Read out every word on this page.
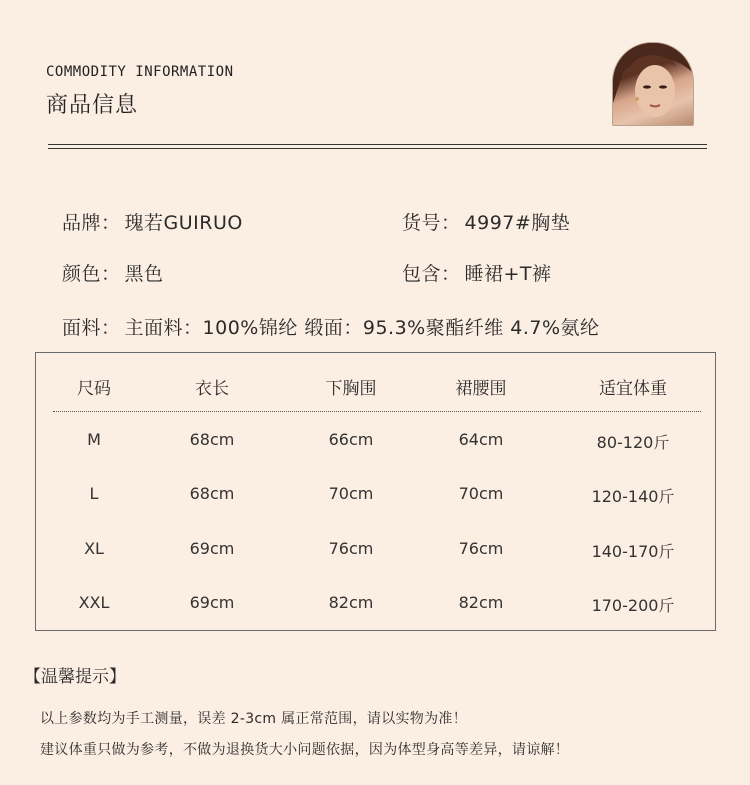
COMMODITY INFORMATION
商品信息
品牌： 瑰若GUIRUO	货号： 4997#胸垫
颜色： 黑色	包含： 睡裙+T裤
面料： 主面料：100%锦纶 缎面：95.3%聚酯纤维 4.7%氨纶
尺码	衣长	下胸围	裙腰围	适宜体重
M	68cm	66cm	64cm	80-120斤
L	68cm	70cm	70cm	120-140斤
XL	69cm	76cm	76cm	140-170斤
XXL	69cm	82cm	82cm	170-200斤
【温馨提示】
以上参数均为手工测量，误差 2-3cm 属正常范围，请以实物为准！
建议体重只做为参考，不做为退换货大小问题依据，因为体型身高等差异，请谅解！
